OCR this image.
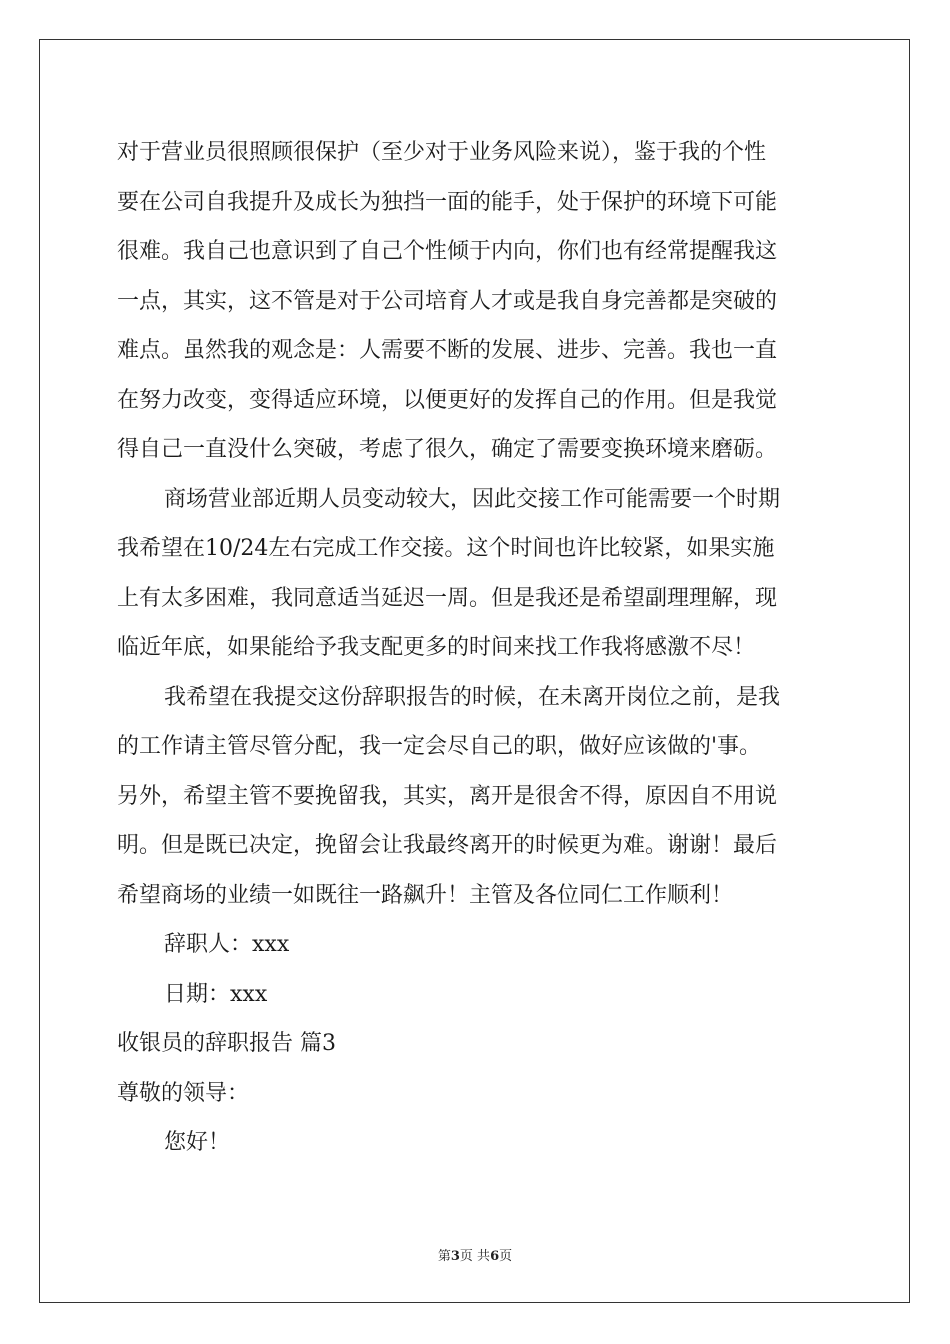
对于营业员很照顾很保护（至少对于业务风险来说），鉴于我的个性
要在公司自我提升及成长为独挡一面的能手，处于保护的环境下可能
很难。我自己也意识到了自己个性倾于内向，你们也有经常提醒我这
一点，其实，这不管是对于公司培育人才或是我自身完善都是突破的
难点。虽然我的观念是：人需要不断的发展、进步、完善。我也一直
在努力改变，变得适应环境，以便更好的发挥自己的作用。但是我觉
得自己一直没什么突破，考虑了很久，确定了需要变换环境来磨砺。
商场营业部近期人员变动较大，因此交接工作可能需要一个时期
我希望在10/24左右完成工作交接。这个时间也许比较紧，如果实施
上有太多困难，我同意适当延迟一周。但是我还是希望副理理解，现
临近年底，如果能给予我支配更多的时间来找工作我将感激不尽！
我希望在我提交这份辞职报告的时候，在未离开岗位之前，是我
的工作请主管尽管分配，我一定会尽自己的职，做好应该做的'事。
另外，希望主管不要挽留我，其实，离开是很舍不得，原因自不用说
明。但是既已决定，挽留会让我最终离开的时候更为难。谢谢！最后
希望商场的业绩一如既往一路飙升！主管及各位同仁工作顺利！
辞职人：xxx
日期：xxx
收银员的辞职报告 篇3
尊敬的领导：
您好！
第3页 共6页
